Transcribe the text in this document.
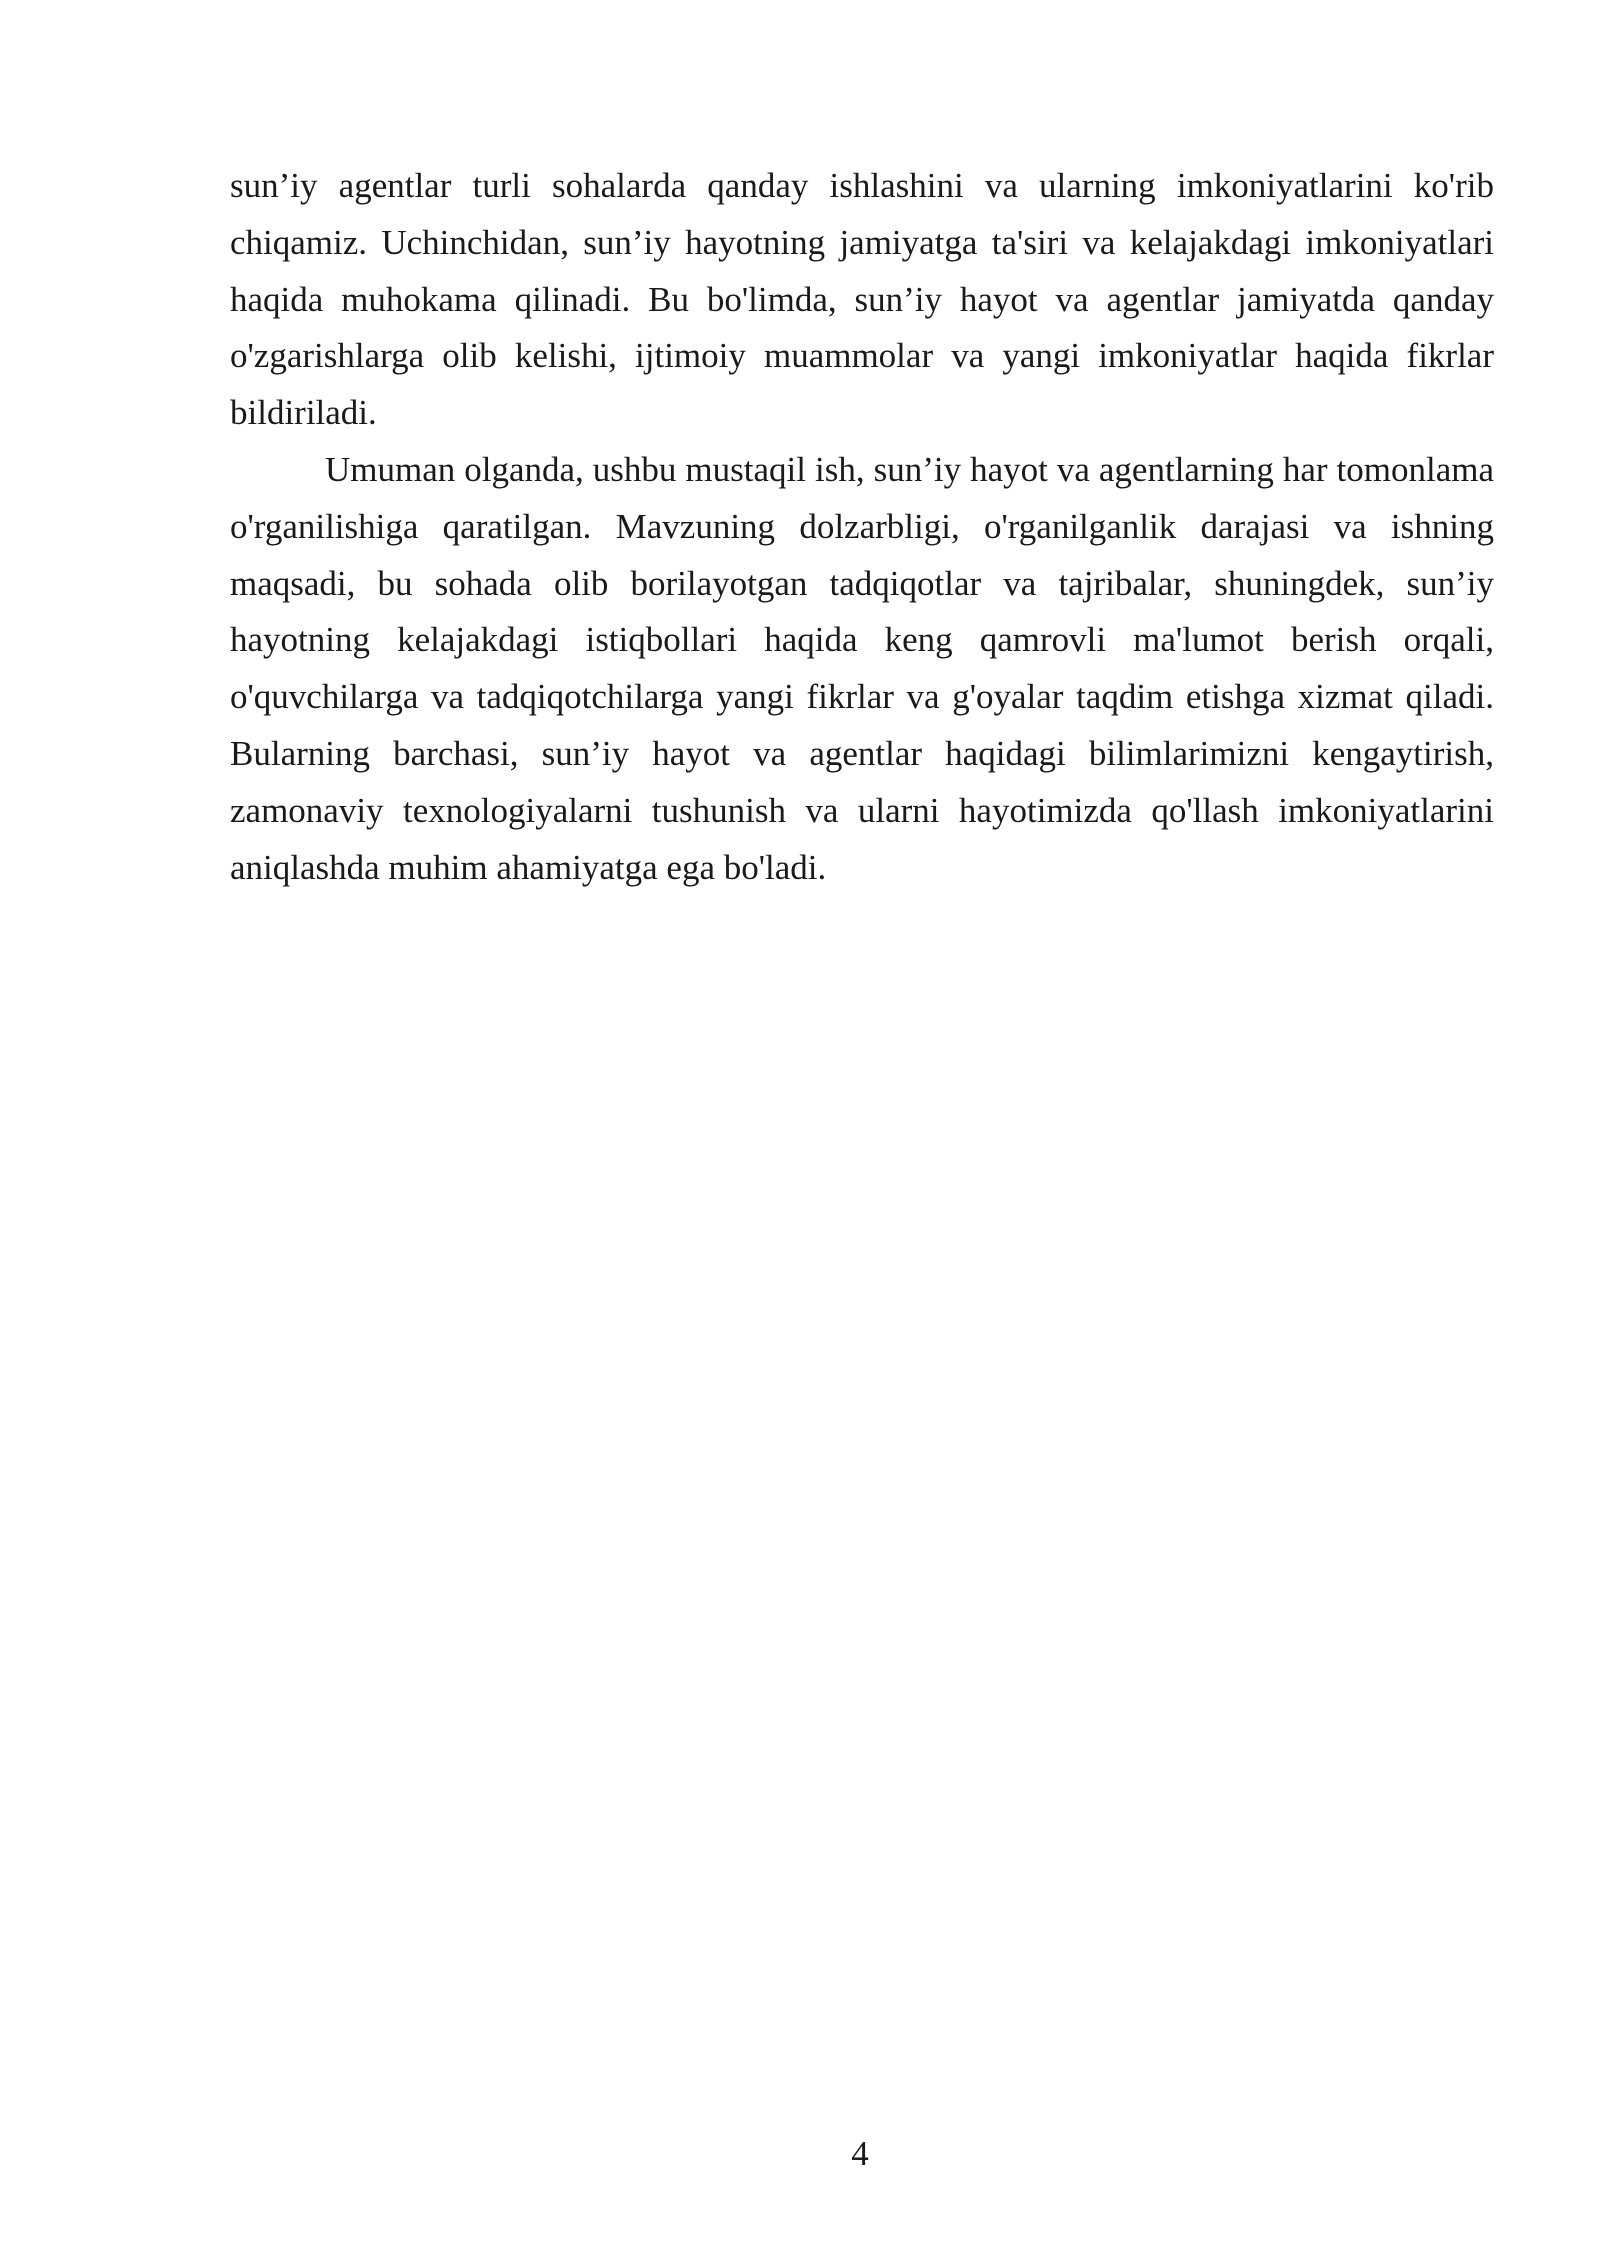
sun’iy agentlar turli sohalarda qanday ishlashini va ularning imkoniyatlarini ko'rib chiqamiz. Uchinchidan, sun’iy hayotning jamiyatga ta'siri va kelajakdagi imkoniyatlari haqida muhokama qilinadi. Bu bo'limda, sun’iy hayot va agentlar jamiyatda qanday o'zgarishlarga olib kelishi, ijtimoiy muammolar va yangi imkoniyatlar haqida fikrlar bildiriladi.

Umuman olganda, ushbu mustaqil ish, sun’iy hayot va agentlarning har tomonlama o'rganilishiga qaratilgan. Mavzuning dolzarbligi, o'rganilganlik darajasi va ishning maqsadi, bu sohada olib borilayotgan tadqiqotlar va tajribalar, shuningdek, sun’iy hayotning kelajakdagi istiqbollari haqida keng qamrovli ma'lumot berish orqali, o'quvchilarga va tadqiqotchilarga yangi fikrlar va g'oyalar taqdim etishga xizmat qiladi. Bularning barchasi, sun’iy hayot va agentlar haqidagi bilimlarimizni kengaytirish, zamonaviy texnologiyalarni tushunish va ularni hayotimizda qo'llash imkoniyatlarini aniqlashda muhim ahamiyatga ega bo'ladi.

4
